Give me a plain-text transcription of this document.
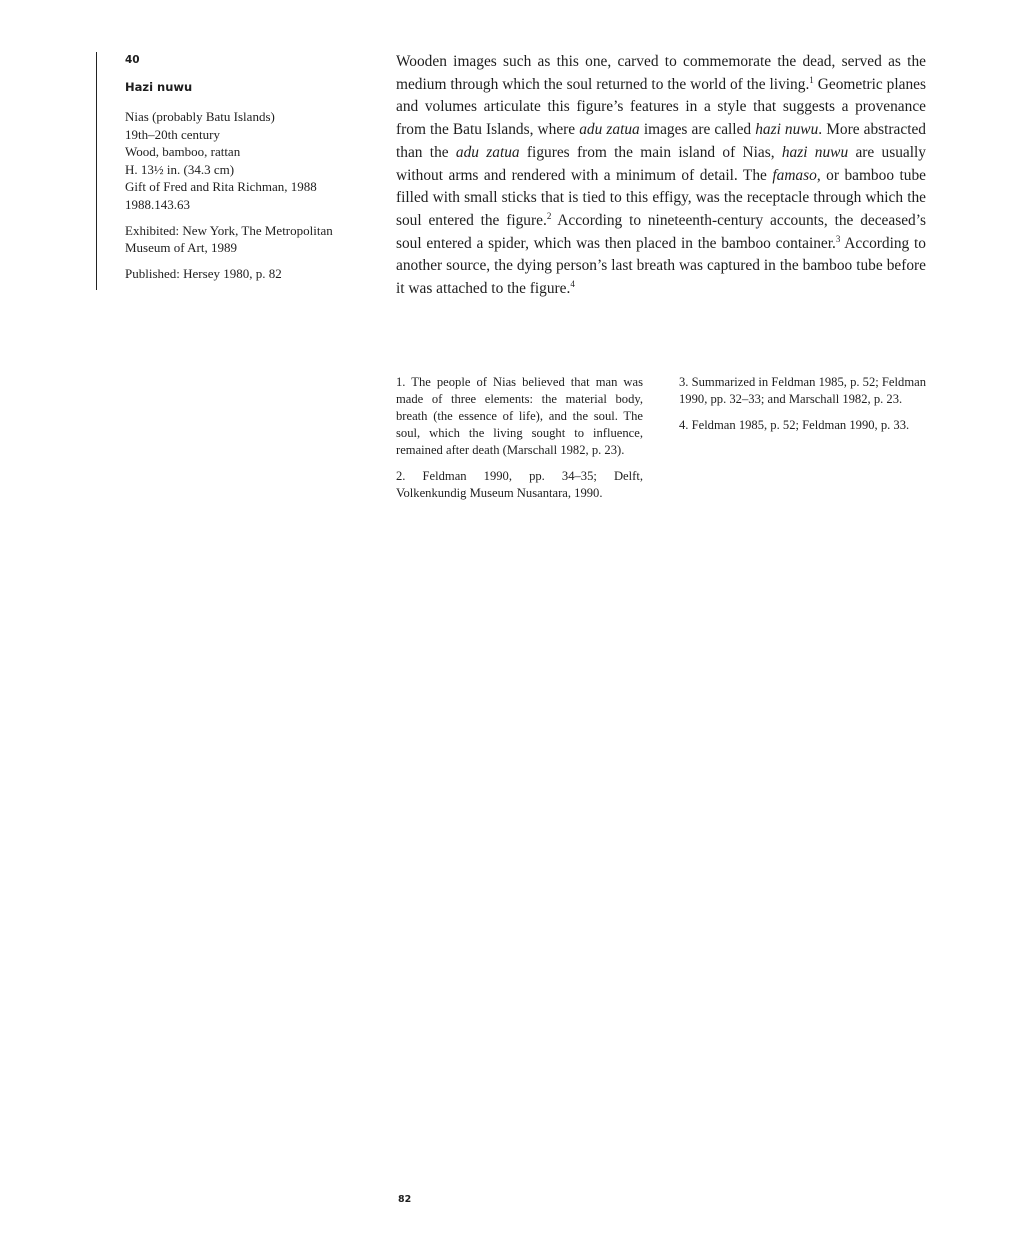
40
Hazi nuwu
Nias (probably Batu Islands)
19th–20th century
Wood, bamboo, rattan
H. 13½ in. (34.3 cm)
Gift of Fred and Rita Richman, 1988
1988.143.63
Exhibited: New York, The Metropolitan Museum of Art, 1989
Published: Hersey 1980, p. 82

Wooden images such as this one, carved to commemorate the dead, served as the medium through which the soul returned to the world of the living.$^1$ Geometric planes and volumes articulate this figure’s features in a style that suggests a provenance from the Batu Islands, where adu zatua images are called hazi nuwu. More abstracted than the adu zatua figures from the main island of Nias, hazi nuwu are usually without arms and rendered with a minimum of detail. The famaso, or bamboo tube filled with small sticks that is tied to this effigy, was the receptacle through which the soul entered the figure.$^2$ According to nineteenth-century accounts, the deceased’s soul entered a spider, which was then placed in the bamboo container.$^3$ According to another source, the dying person’s last breath was captured in the bamboo tube before it was attached to the figure.$^4$

1. The people of Nias believed that man was made of three elements: the material body, breath (the essence of life), and the soul. The soul, which the living sought to influence, remained after death (Marschall 1982, p. 23).

2. Feldman 1990, pp. 34–35; Delft, Volkenkundig Museum Nusantara, 1990.

3. Summarized in Feldman 1985, p. 52; Feldman 1990, pp. 32–33; and Marschall 1982, p. 23.

4. Feldman 1985, p. 52; Feldman 1990, p. 33.

82
